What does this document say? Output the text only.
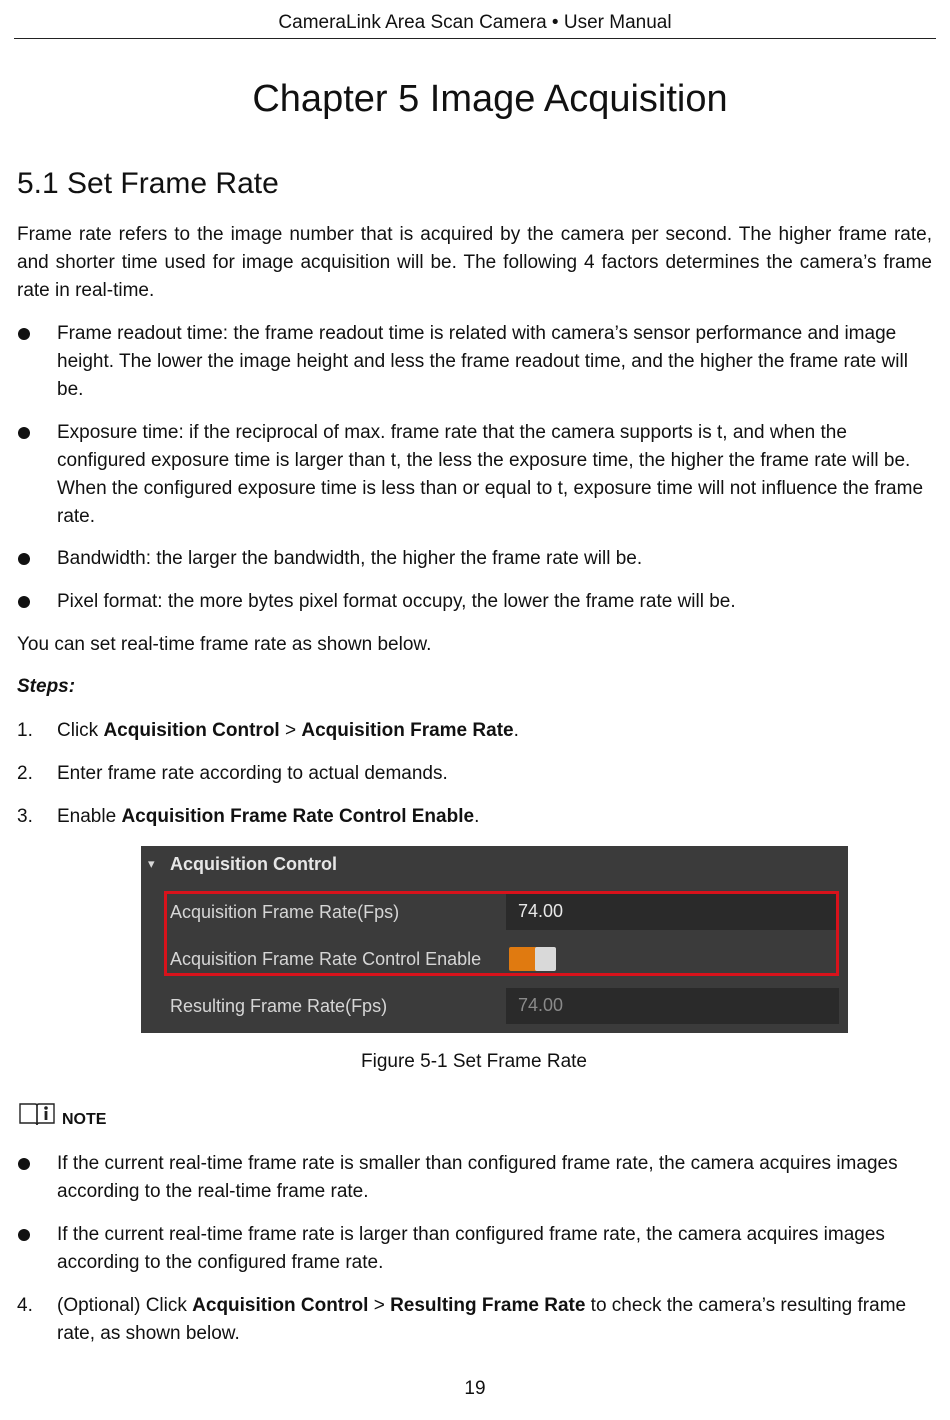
CameraLink Area Scan Camera • User Manual
Chapter 5 Image Acquisition
5.1 Set Frame Rate
Frame rate refers to the image number that is acquired by the camera per second. The higher frame rate, and shorter time used for image acquisition will be. The following 4 factors determines the camera’s frame rate in real-time.
Frame readout time: the frame readout time is related with camera’s sensor performance and image height. The lower the image height and less the frame readout time, and the higher the frame rate will be.
Exposure time: if the reciprocal of max. frame rate that the camera supports is t, and when the configured exposure time is larger than t, the less the exposure time, the higher the frame rate will be. When the configured exposure time is less than or equal to t, exposure time will not influence the frame rate.
Bandwidth: the larger the bandwidth, the higher the frame rate will be.
Pixel format: the more bytes pixel format occupy, the lower the frame rate will be.
You can set real-time frame rate as shown below.
Steps:
1. Click Acquisition Control > Acquisition Frame Rate.
2. Enter frame rate according to actual demands.
3. Enable Acquisition Frame Rate Control Enable.
▾ Acquisition Control
Acquisition Frame Rate(Fps)	74.00
Acquisition Frame Rate Control Enable
Resulting Frame Rate(Fps)	74.00
Figure 5-1 Set Frame Rate
NOTE
If the current real-time frame rate is smaller than configured frame rate, the camera acquires images according to the real-time frame rate.
If the current real-time frame rate is larger than configured frame rate, the camera acquires images according to the configured frame rate.
4. (Optional) Click Acquisition Control > Resulting Frame Rate to check the camera’s resulting frame rate, as shown below.
19
